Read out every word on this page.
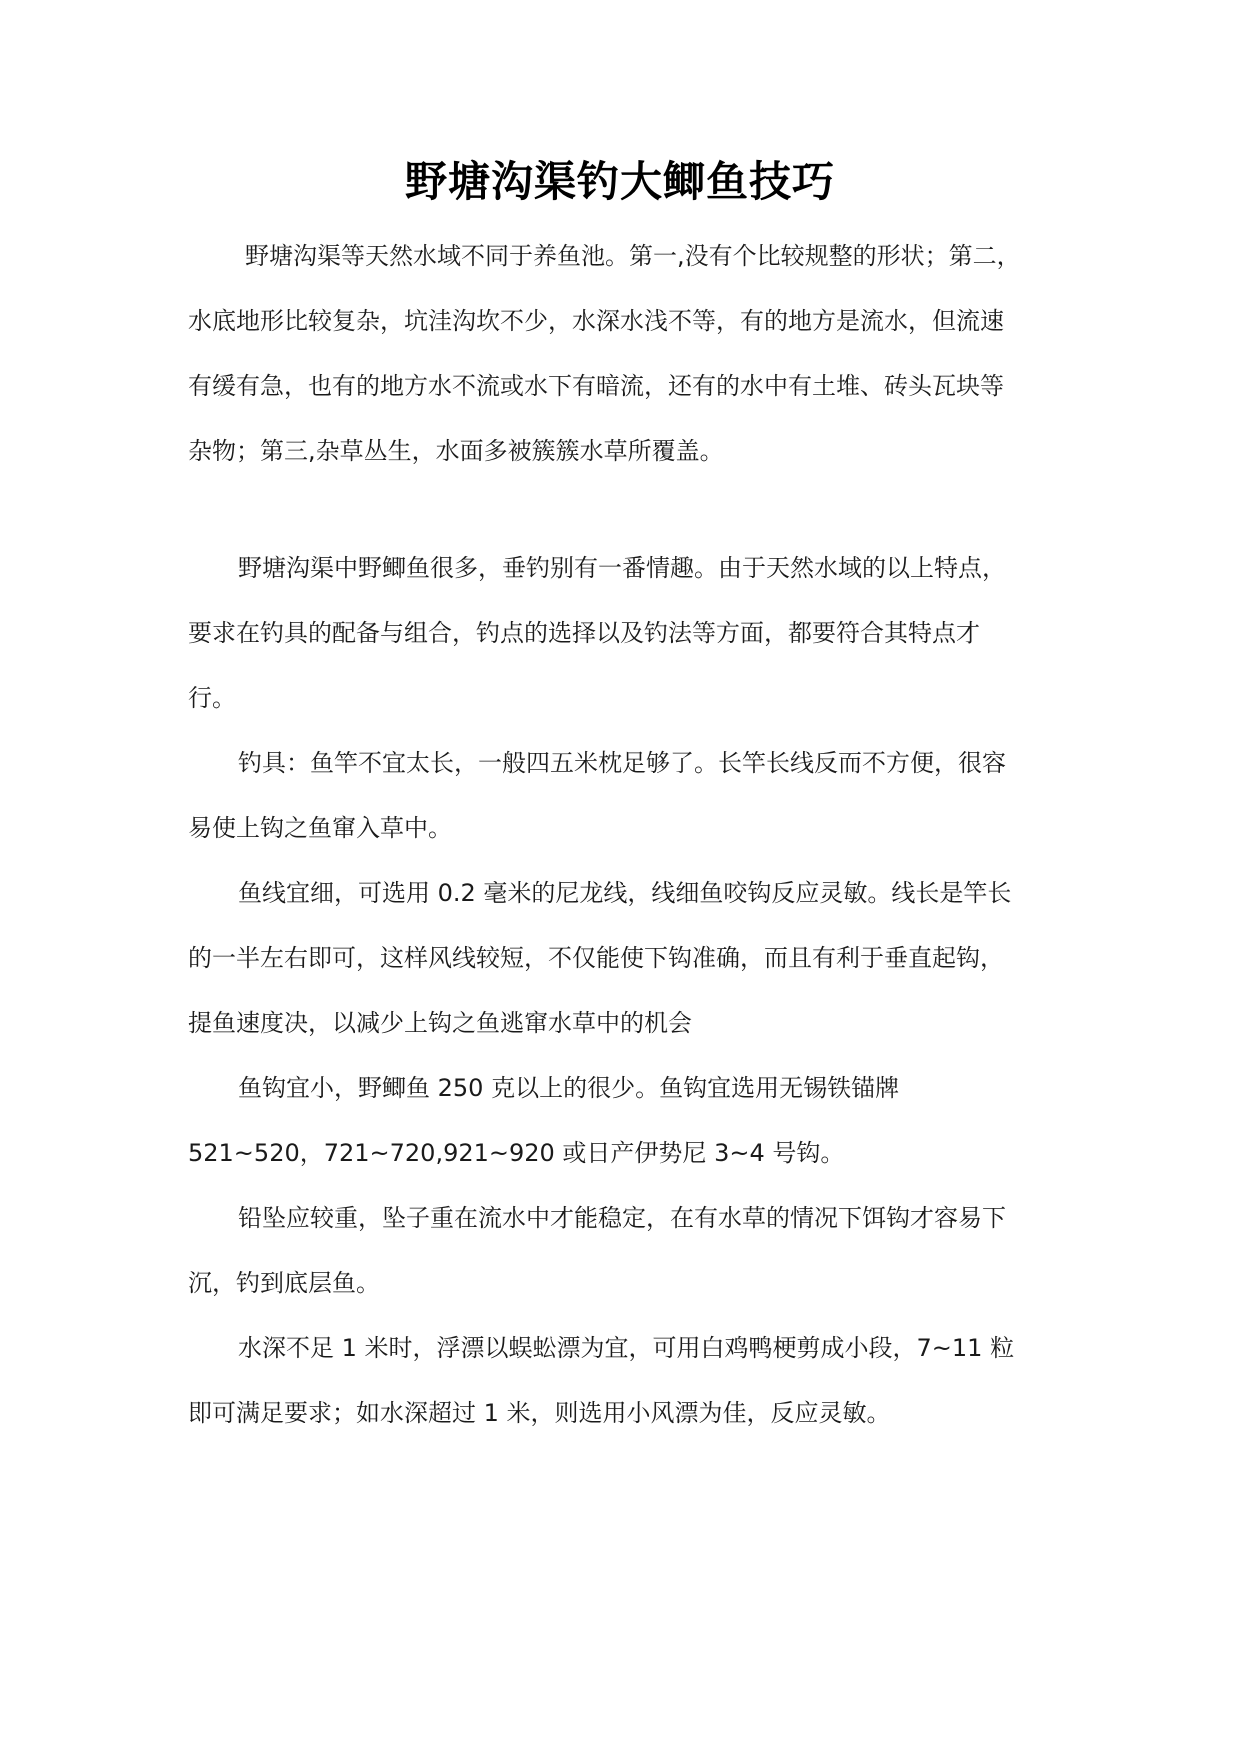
野塘沟渠钓大鲫鱼技巧

野塘沟渠等天然水域不同于养鱼池。第一,没有个比较规整的形状；第二，
水底地形比较复杂，坑洼沟坎不少，水深水浅不等，有的地方是流水，但流速
有缓有急，也有的地方水不流或水下有暗流，还有的水中有土堆、砖头瓦块等
杂物；第三,杂草丛生，水面多被簇簇水草所覆盖。

野塘沟渠中野鲫鱼很多，垂钓别有一番情趣。由于天然水域的以上特点，
要求在钓具的配备与组合，钓点的选择以及钓法等方面，都要符合其特点才
行。

钓具：鱼竿不宜太长，一般四五米枕足够了。长竿长线反而不方便，很容
易使上钩之鱼窜入草中。

鱼线宜细，可选用 0.2 毫米的尼龙线，线细鱼咬钩反应灵敏。线长是竿长
的一半左右即可，这样风线较短，不仅能使下钩准确，而且有利于垂直起钩，
提鱼速度决，以减少上钩之鱼逃窜水草中的机会

鱼钩宜小，野鲫鱼 250 克以上的很少。鱼钩宜选用无锡铁锚牌
521~520，721~720,921~920 或日产伊势尼 3~4 号钩。

铅坠应较重，坠子重在流水中才能稳定，在有水草的情况下饵钩才容易下
沉，钓到底层鱼。

水深不足 1 米时，浮漂以蜈蚣漂为宜，可用白鸡鸭梗剪成小段，7~11 粒
即可满足要求；如水深超过 1 米，则选用小风漂为佳，反应灵敏。
